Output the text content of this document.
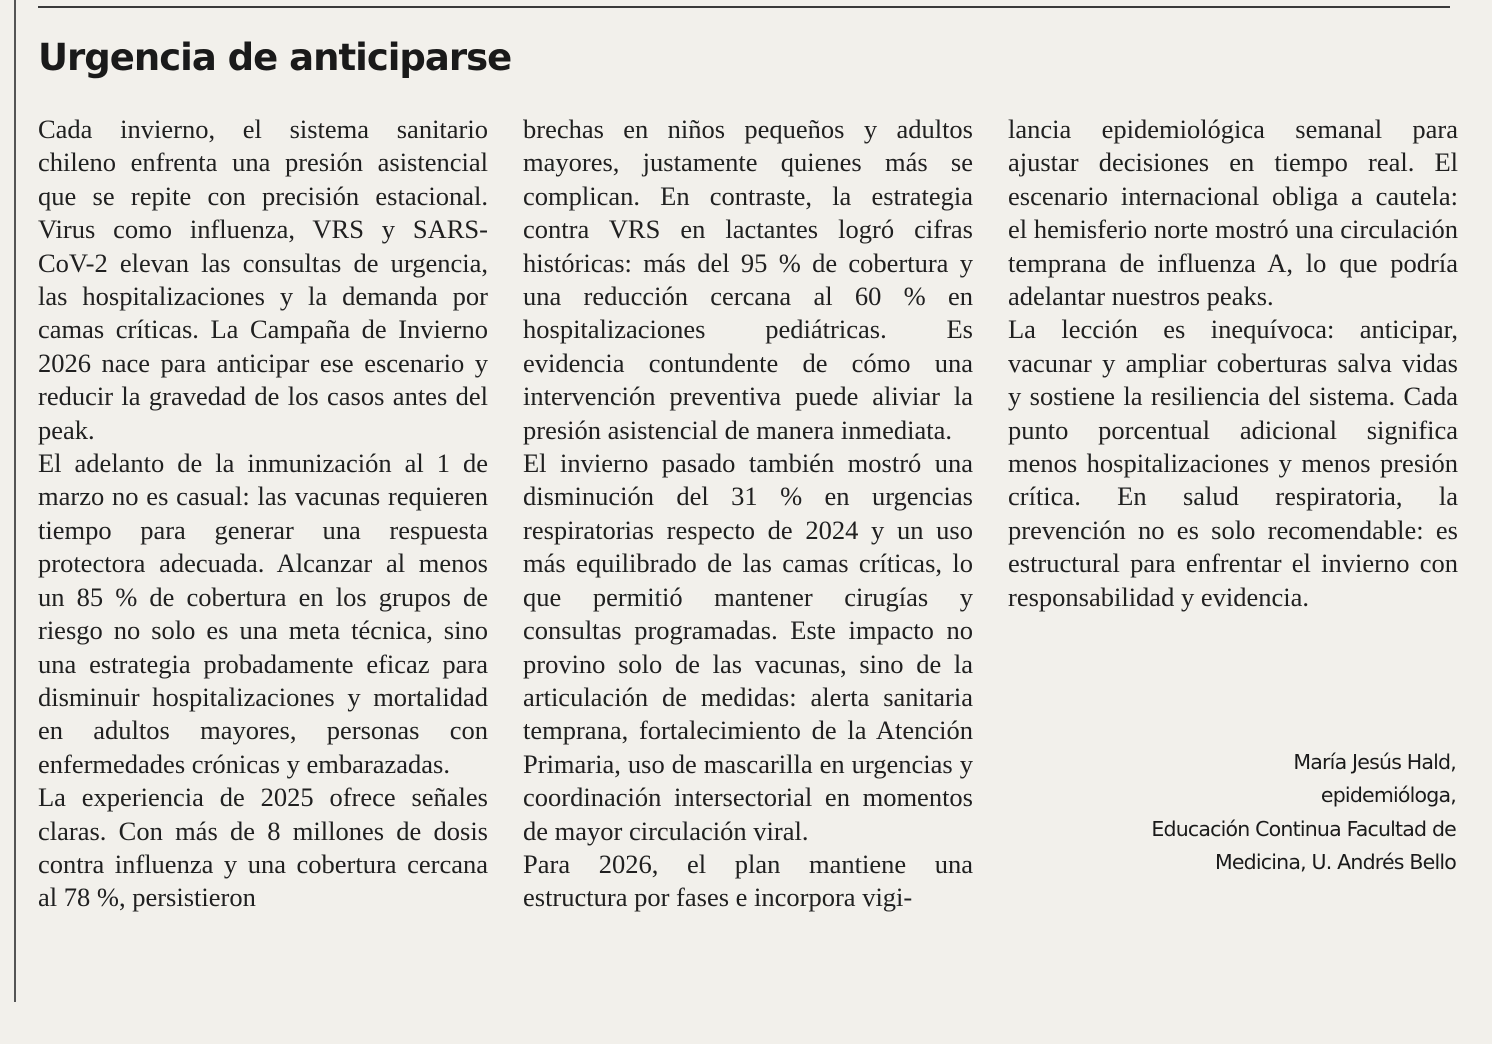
Urgencia de anticiparse

Cada invierno, el sistema sanitario chileno enfrenta una presión asistencial que se repite con precisión estacional. Virus como influenza, VRS y SARS-CoV-2 elevan las consultas de urgencia, las hospitalizaciones y la demanda por camas críticas. La Campaña de Invierno 2026 nace para anticipar ese escenario y reducir la gravedad de los casos antes del peak.

El adelanto de la inmunización al 1 de marzo no es casual: las vacunas requieren tiempo para generar una respuesta protectora adecuada. Alcanzar al menos un 85 % de cobertura en los grupos de riesgo no solo es una meta técnica, sino una estrategia probadamente eficaz para disminuir hospitalizaciones y mortalidad en adultos mayores, personas con enfermedades crónicas y embarazadas.

La experiencia de 2025 ofrece señales claras. Con más de 8 millones de dosis contra influenza y una cobertura cercana al 78 %, persistieron

brechas en niños pequeños y adultos mayores, justamente quienes más se complican. En contraste, la estrategia contra VRS en lactantes logró cifras históricas: más del 95 % de cobertura y una reducción cercana al 60 % en hospitalizaciones pediátricas. Es evidencia contundente de cómo una intervención preventiva puede aliviar la presión asistencial de manera inmediata.

El invierno pasado también mostró una disminución del 31 % en urgencias respiratorias respecto de 2024 y un uso más equilibrado de las camas críticas, lo que permitió mantener cirugías y consultas programadas. Este impacto no provino solo de las vacunas, sino de la articulación de medidas: alerta sanitaria temprana, fortalecimiento de la Atención Primaria, uso de mascarilla en urgencias y coordinación intersectorial en momentos de mayor circulación viral.

Para 2026, el plan mantiene una estructura por fases e incorpora vigi-

lancia epidemiológica semanal para ajustar decisiones en tiempo real. El escenario internacional obliga a cautela: el hemisferio norte mostró una circulación temprana de influenza A, lo que podría adelantar nuestros peaks.

La lección es inequívoca: anticipar, vacunar y ampliar coberturas salva vidas y sostiene la resiliencia del sistema. Cada punto porcentual adicional significa menos hospitalizaciones y menos presión crítica. En salud respiratoria, la prevención no es solo recomendable: es estructural para enfrentar el invierno con responsabilidad y evidencia.

María Jesús Hald,
epidemióloga,
Educación Continua Facultad de
Medicina, U. Andrés Bello
